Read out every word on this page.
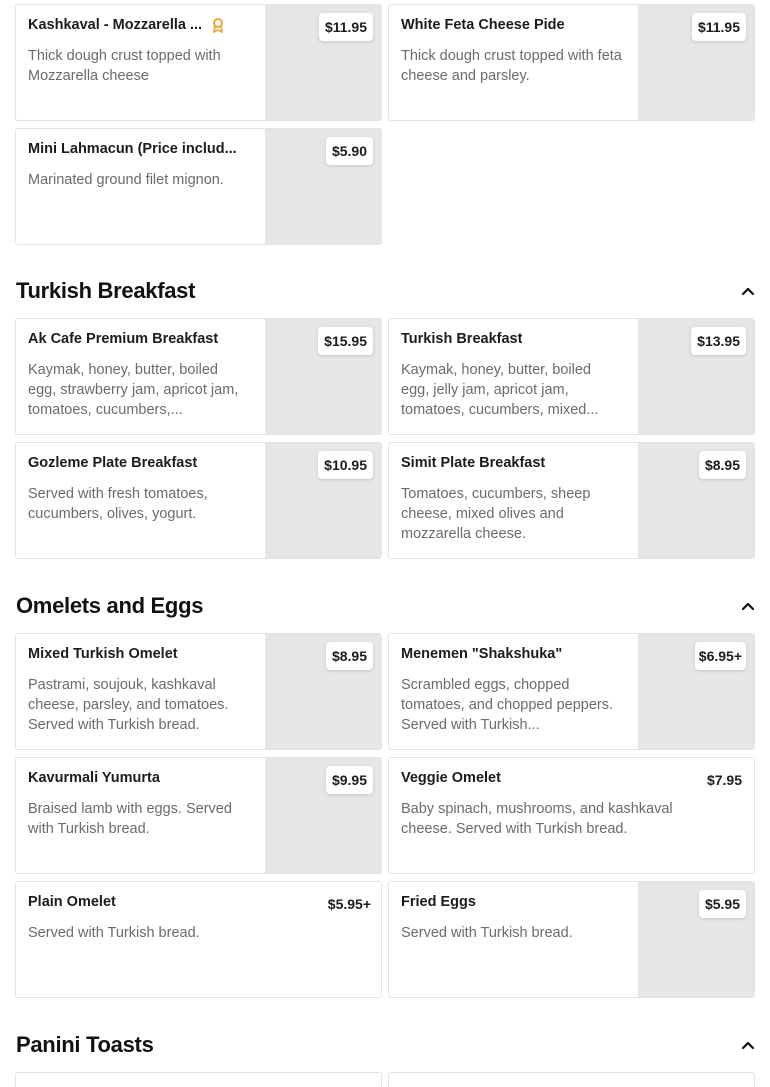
Kashkaval - Mozzarella ...
Thick dough crust topped with Mozzarella cheese
$11.95	White Feta Cheese Pide
Thick dough crust topped with feta cheese and parsley.
$11.95
Mini Lahmacun (Price includ...
Marinated ground filet mignon.
$5.90
Turkish Breakfast
Ak Cafe Premium Breakfast
Kaymak, honey, butter, boiled egg, strawberry jam, apricot jam, tomatoes, cucumbers,...
$15.95	Turkish Breakfast
Kaymak, honey, butter, boiled egg, jelly jam, apricot jam, tomatoes, cucumbers, mixed...
$13.95
Gozleme Plate Breakfast
Served with fresh tomatoes, cucumbers, olives, yogurt.
$10.95	Simit Plate Breakfast
Tomatoes, cucumbers, sheep cheese, mixed olives and mozzarella cheese.
$8.95
Omelets and Eggs
Mixed Turkish Omelet
Pastrami, soujouk, kashkaval cheese, parsley, and tomatoes. Served with Turkish bread.
$8.95	Menemen "Shakshuka"
Scrambled eggs, chopped tomatoes, and chopped peppers. Served with Turkish...
$6.95+
Kavurmali Yumurta
Braised lamb with eggs. Served with Turkish bread.
$9.95	Veggie Omelet
Baby spinach, mushrooms, and kashkaval cheese. Served with Turkish bread.
$7.95
Plain Omelet
Served with Turkish bread.
$5.95+ Fried Eggs
Served with Turkish bread.
$5.95
Panini Toasts
